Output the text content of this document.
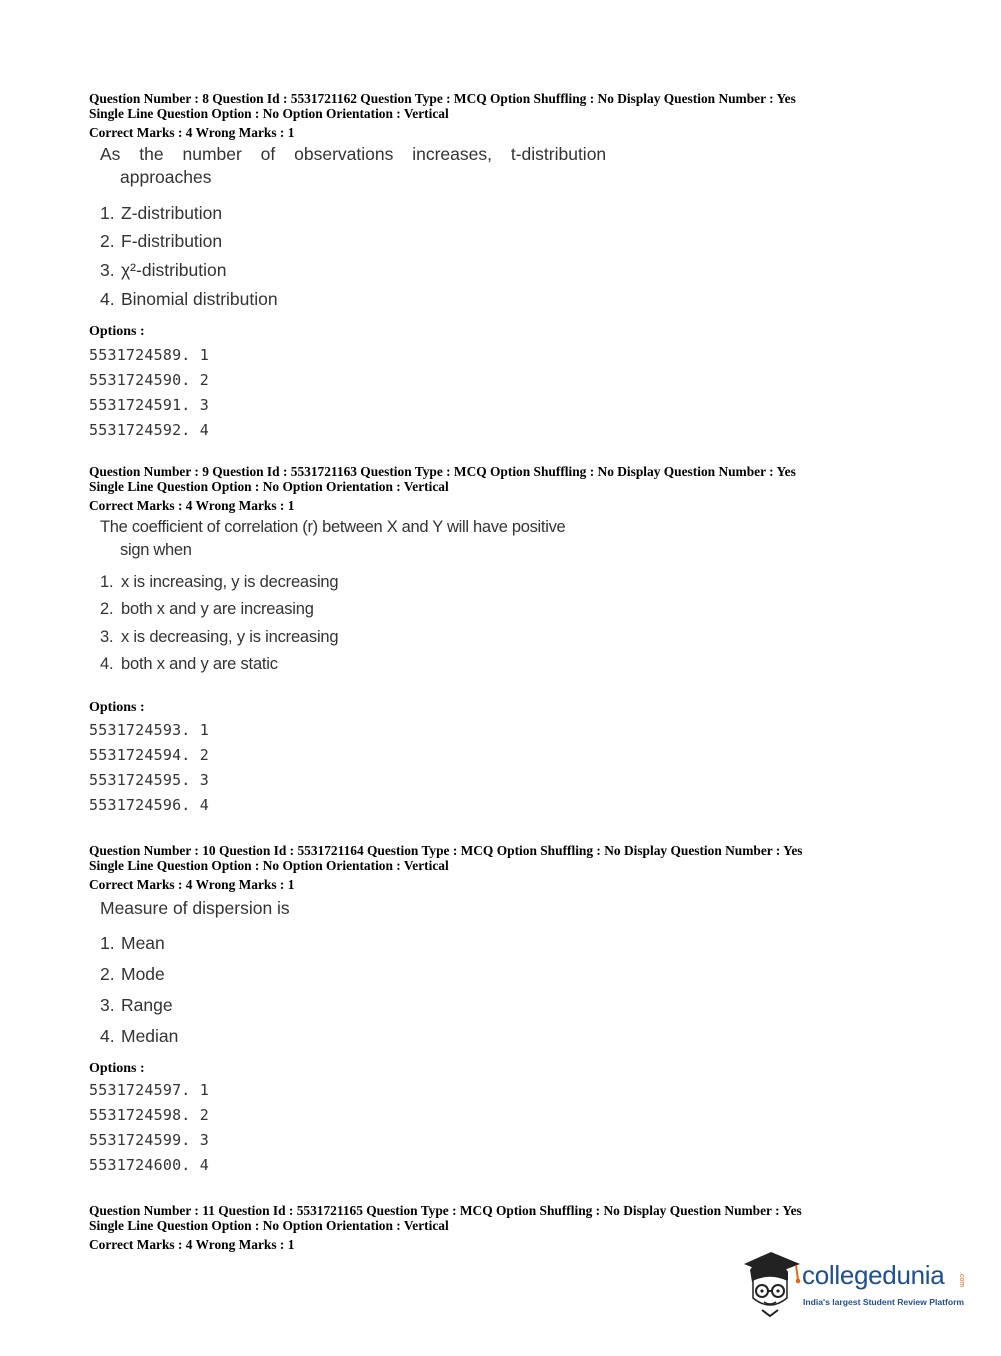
Question Number : 8 Question Id : 5531721162 Question Type : MCQ Option Shuffling : No Display Question Number : Yes
Single Line Question Option : No Option Orientation : Vertical
Correct Marks : 4 Wrong Marks : 1
As the number of observations increases, t-distribution
approaches
1. Z-distribution
2. F-distribution
3. χ²-distribution
4. Binomial distribution
Options :
5531724589. 1
5531724590. 2
5531724591. 3
5531724592. 4
Question Number : 9 Question Id : 5531721163 Question Type : MCQ Option Shuffling : No Display Question Number : Yes
Single Line Question Option : No Option Orientation : Vertical
Correct Marks : 4 Wrong Marks : 1
The coefficient of correlation (r) between X and Y will have positive
sign when
1. x is increasing, y is decreasing
2. both x and y are increasing
3. x is decreasing, y is increasing
4. both x and y are static
Options :
5531724593. 1
5531724594. 2
5531724595. 3
5531724596. 4
Question Number : 10 Question Id : 5531721164 Question Type : MCQ Option Shuffling : No Display Question Number : Yes
Single Line Question Option : No Option Orientation : Vertical
Correct Marks : 4 Wrong Marks : 1
Measure of dispersion is
1. Mean
2. Mode
3. Range
4. Median
Options :
5531724597. 1
5531724598. 2
5531724599. 3
5531724600. 4
Question Number : 11 Question Id : 5531721165 Question Type : MCQ Option Shuffling : No Display Question Number : Yes
Single Line Question Option : No Option Orientation : Vertical
Correct Marks : 4 Wrong Marks : 1
collegedunia .com
India's largest Student Review Platform
